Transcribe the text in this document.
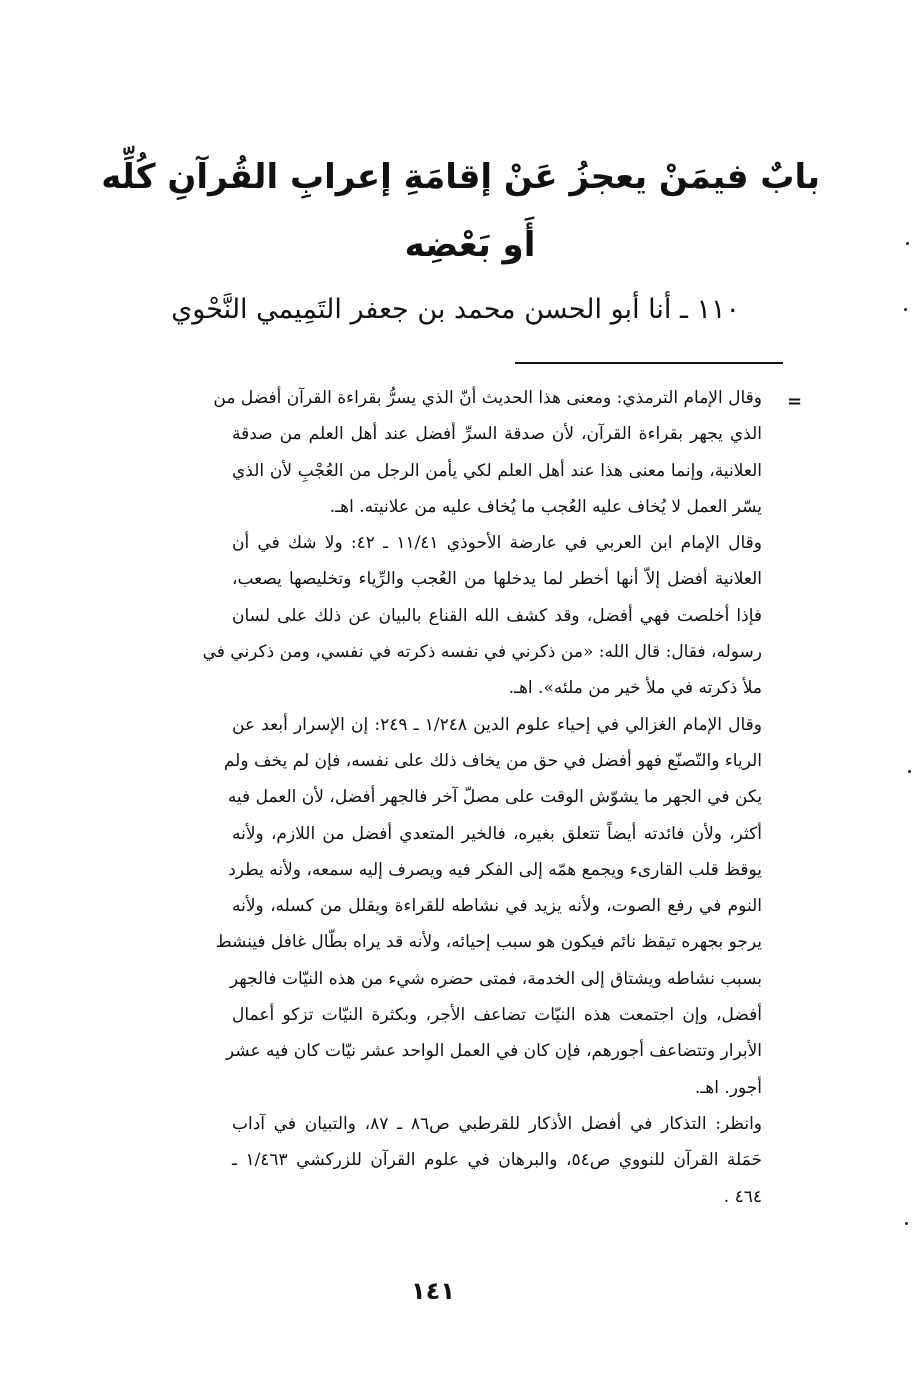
بابٌ فيمَنْ يعجزُ عَنْ إقامَةِ إعرابِ القُرآنِ كُلِّه
أَو بَعْضِه
١١٠ ـ أنا أبو الحسن محمد بن جعفر التَمِيمي النَّحْوي
=
وقال الإمام الترمذي: ومعنى هذا الحديث أنّ الذي يسرُّ بقراءة القرآن أفضل من
الذي يجهر بقراءة القرآن، لأن صدقة السرِّ أفضل عند أهل العلم من صدقة
العلانية، وإنما معنى هذا عند أهل العلم لكي يأمن الرجل من العُجْبِ لأن الذي
يسّر العمل لا يُخاف عليه العُجب ما يُخاف عليه من علانيته. اهـ.
وقال الإمام ابن العربي في عارضة الأحوذي ١١/٤١ ـ ٤٢: ولا شك في أن
العلانية أفضل إلاّ أنها أخطر لما يدخلها من العُجب والرِّياء وتخليصها يصعب،
فإذا أخلصت فهي أفضل، وقد كشف الله القناع بالبيان عن ذلك على لسان
رسوله، فقال: قال الله: «من ذكرني في نفسه ذكرته في نفسي، ومن ذكرني في
ملأ ذكرته في ملأ خير من ملئه». اهـ.
وقال الإمام الغزالي في إحياء علوم الدين ١/٢٤٨ ـ ٢٤٩: إن الإسرار أبعد عن
الرياء والتّصنّع فهو أفضل في حق من يخاف ذلك على نفسه، فإن لم يخف ولم
يكن في الجهر ما يشوّش الوقت على مصلّ آخر فالجهر أفضل، لأن العمل فيه
أكثر، ولأن فائدته أيضاً تتعلق بغيره، فالخير المتعدي أفضل من اللازم، ولأنه
يوقظ قلب القارىء ويجمع همّه إلى الفكر فيه ويصرف إليه سمعه، ولأنه يطرد
النوم في رفع الصوت، ولأنه يزيد في نشاطه للقراءة ويقلل من كسله، ولأنه
يرجو بجهره تيقظ نائم فيكون هو سبب إحيائه، ولأنه قد يراه بطّال غافل فينشط
بسبب نشاطه ويشتاق إلى الخدمة، فمتى حضره شيء من هذه النيّات فالجهر
أفضل، وإن اجتمعت هذه النيّات تضاعف الأجر، وبكثرة النيّات تزكو أعمال
الأبرار وتتضاعف أجورهم، فإن كان في العمل الواحد عشر نيّات كان فيه عشر
أجور. اهـ.
وانظر: التذكار في أفضل الأذكار للقرطبي ص٨٦ ـ ٨٧، والتبيان في آداب
حَمَلة القرآن للنووي ص٥٤، والبرهان في علوم القرآن للزركشي ١/٤٦٣ ـ
٤٦٤ .
١٤١
